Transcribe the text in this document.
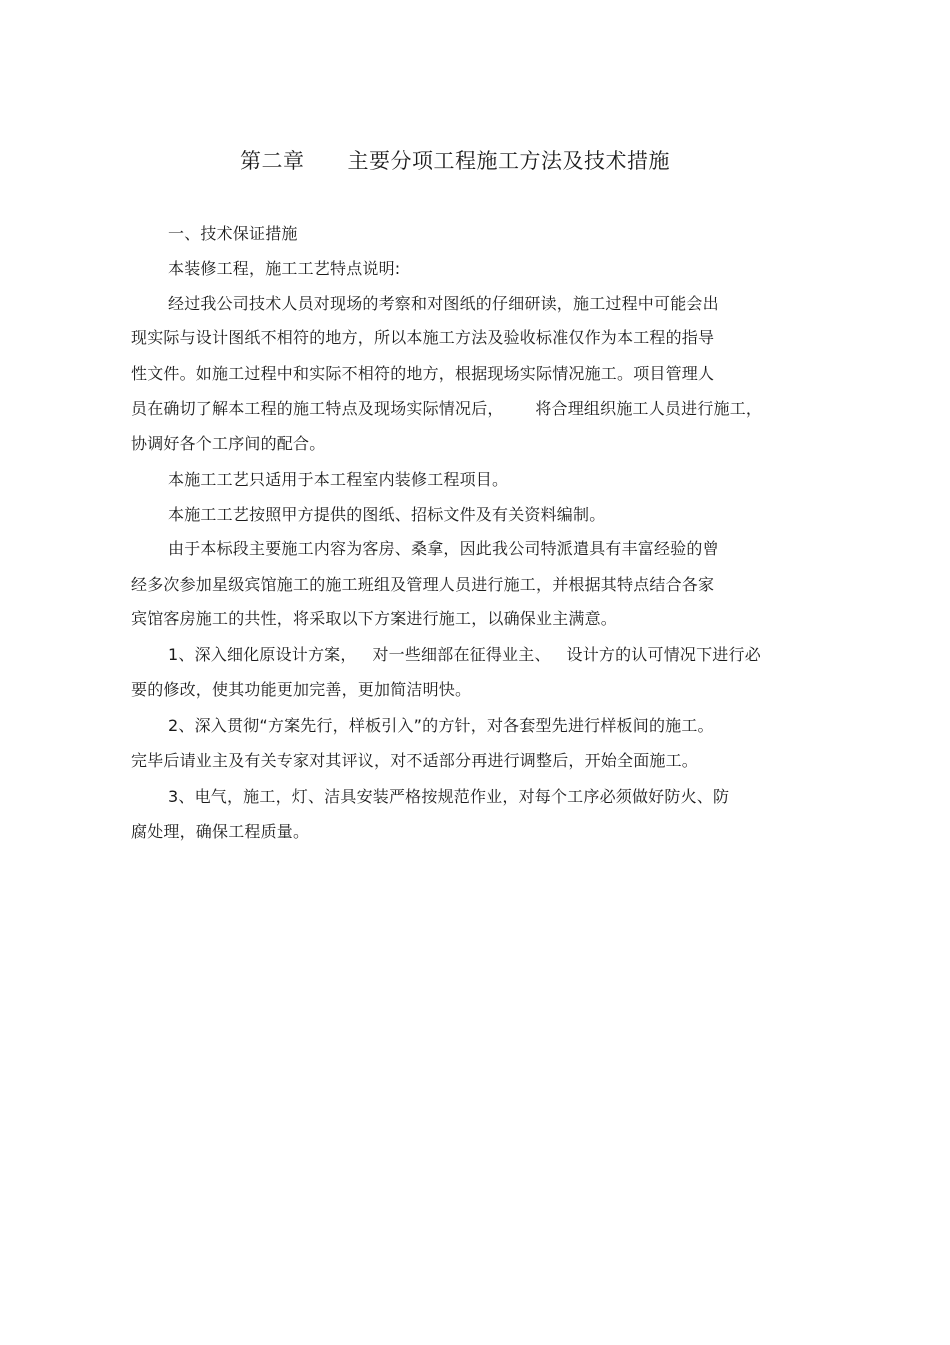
第二章      主要分项工程施工方法及技术措施
一、技术保证措施
本装修工程，施工工艺特点说明:
经过我公司技术人员对现场的考察和对图纸的仔细研读，施工过程中可能会出
现实际与设计图纸不相符的地方，所以本施工方法及验收标准仅作为本工程的指导
性文件。如施工过程中和实际不相符的地方，根据现场实际情况施工。项目管理人
员在确切了解本工程的施工特点及现场实际情况后，      将合理组织施工人员进行施工，
协调好各个工序间的配合。
本施工工艺只适用于本工程室内装修工程项目。
本施工工艺按照甲方提供的图纸、招标文件及有关资料编制。
由于本标段主要施工内容为客房、桑拿，因此我公司特派遣具有丰富经验的曾
经多次参加星级宾馆施工的施工班组及管理人员进行施工，并根据其特点结合各家
宾馆客房施工的共性，将采取以下方案进行施工，以确保业主满意。
1、深入细化原设计方案，   对一些细部在征得业主、   设计方的认可情况下进行必
要的修改，使其功能更加完善，更加简洁明快。
2、深入贯彻“方案先行，样板引入”的方针，对各套型先进行样板间的施工。
完毕后请业主及有关专家对其评议，对不适部分再进行调整后，开始全面施工。
3、电气，施工，灯、洁具安装严格按规范作业，对每个工序必须做好防火、防
腐处理，确保工程质量。
